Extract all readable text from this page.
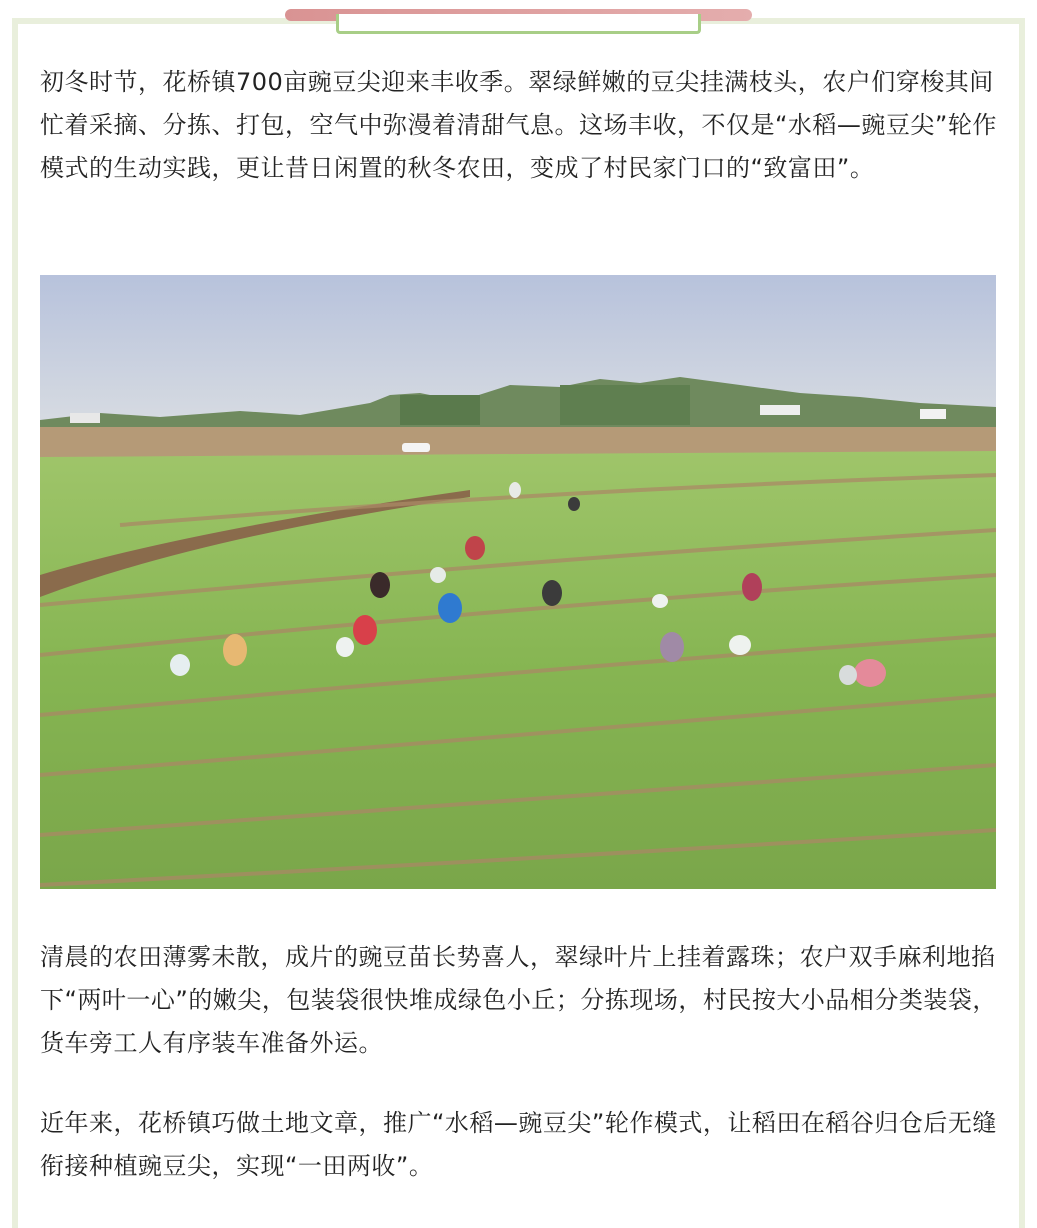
初冬时节，花桥镇700亩豌豆尖迎来丰收季。翠绿鲜嫩的豆尖挂满枝头，农户们穿梭其间忙着采摘、分拣、打包，空气中弥漫着清甜气息。这场丰收，不仅是“水稻—豌豆尖”轮作模式的生动实践，更让昔日闲置的秋冬农田，变成了村民家门口的“致富田”。

清晨的农田薄雾未散，成片的豌豆苗长势喜人，翠绿叶片上挂着露珠；农户双手麻利地掐下“两叶一心”的嫩尖，包装袋很快堆成绿色小丘；分拣现场，村民按大小品相分类装袋，货车旁工人有序装车准备外运。

近年来，花桥镇巧做土地文章，推广“水稻—豌豆尖”轮作模式，让稻田在稻谷归仓后无缝衔接种植豌豆尖，实现“一田两收”。
